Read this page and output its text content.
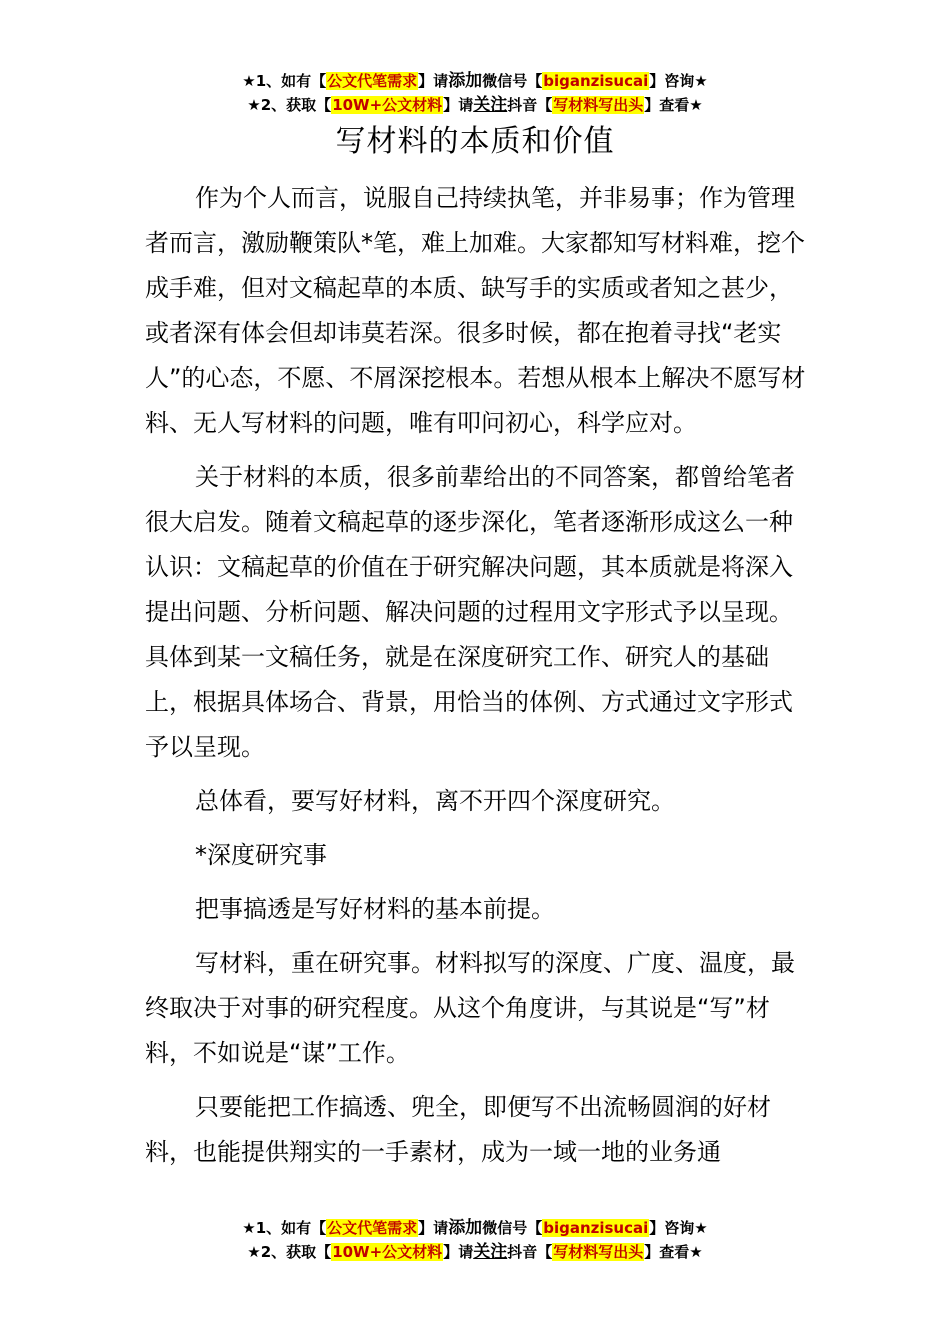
★1、如有【公文代笔需求】请添加微信号【biganzisucai】咨询★
★2、获取【10W+公文材料】请关注抖音【写材料写出头】查看★
写材料的本质和价值

作为个人而言，说服自己持续执笔，并非易事；作为管理者而言，激励鞭策队*笔，难上加难。大家都知写材料难，挖个成手难，但对文稿起草的本质、缺写手的实质或者知之甚少，或者深有体会但却讳莫若深。很多时候，都在抱着寻找“老实人”的心态，不愿、不屑深挖根本。若想从根本上解决不愿写材料、无人写材料的问题，唯有叩问初心，科学应对。

关于材料的本质，很多前辈给出的不同答案，都曾给笔者很大启发。随着文稿起草的逐步深化，笔者逐渐形成这么一种认识：文稿起草的价值在于研究解决问题，其本质就是将深入提出问题、分析问题、解决问题的过程用文字形式予以呈现。具体到某一文稿任务，就是在深度研究工作、研究人的基础上，根据具体场合、背景，用恰当的体例、方式通过文字形式予以呈现。

总体看，要写好材料，离不开四个深度研究。

*深度研究事

把事搞透是写好材料的基本前提。

写材料，重在研究事。材料拟写的深度、广度、温度，最终取决于对事的研究程度。从这个角度讲，与其说是“写”材料，不如说是“谋”工作。

只要能把工作搞透、兜全，即便写不出流畅圆润的好材料，也能提供翔实的一手素材，成为一域一地的业务通

★1、如有【公文代笔需求】请添加微信号【biganzisucai】咨询★
★2、获取【10W+公文材料】请关注抖音【写材料写出头】查看★
